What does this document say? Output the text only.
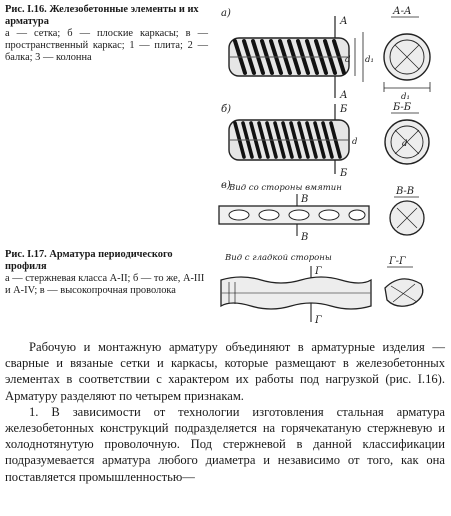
Рис. I.16. Железобетонные элементы и их арматура
а — сетка; б — плоские каркасы; в — пространственный каркас; 1 — плита; 2 — балка; 3 — колонна
Рис. I.17. Арматура периодического профиля
а — стержневая класса А-II; б — то же, А-III и А-IV; в — высокопрочная проволока
а)
А
А
d d₁
А-А
d₁
б)	Б
Б
d
Б-Б
d
в)
Вид со стороны вмятин
В
В
В-В
Вид с гладкой стороны
Г
Г
Г-Г

Рабочую и монтажную арматуру объединяют в арматурные изделия — сварные и вязаные сетки и каркасы, которые размещают в железобетонных элементах в соответствии с характером их работы под нагрузкой (рис. I.16). Арматуру разделяют по четырем признакам.

1. В зависимости от технологии изготовления стальная арматура железобетонных конструкций подразделяется на горячекатаную стержневую и холоднотянутую проволочную. Под стержневой в данной классификации подразумевается арматура любого диаметра и независимо от того, как она поставляется промышленностью—
